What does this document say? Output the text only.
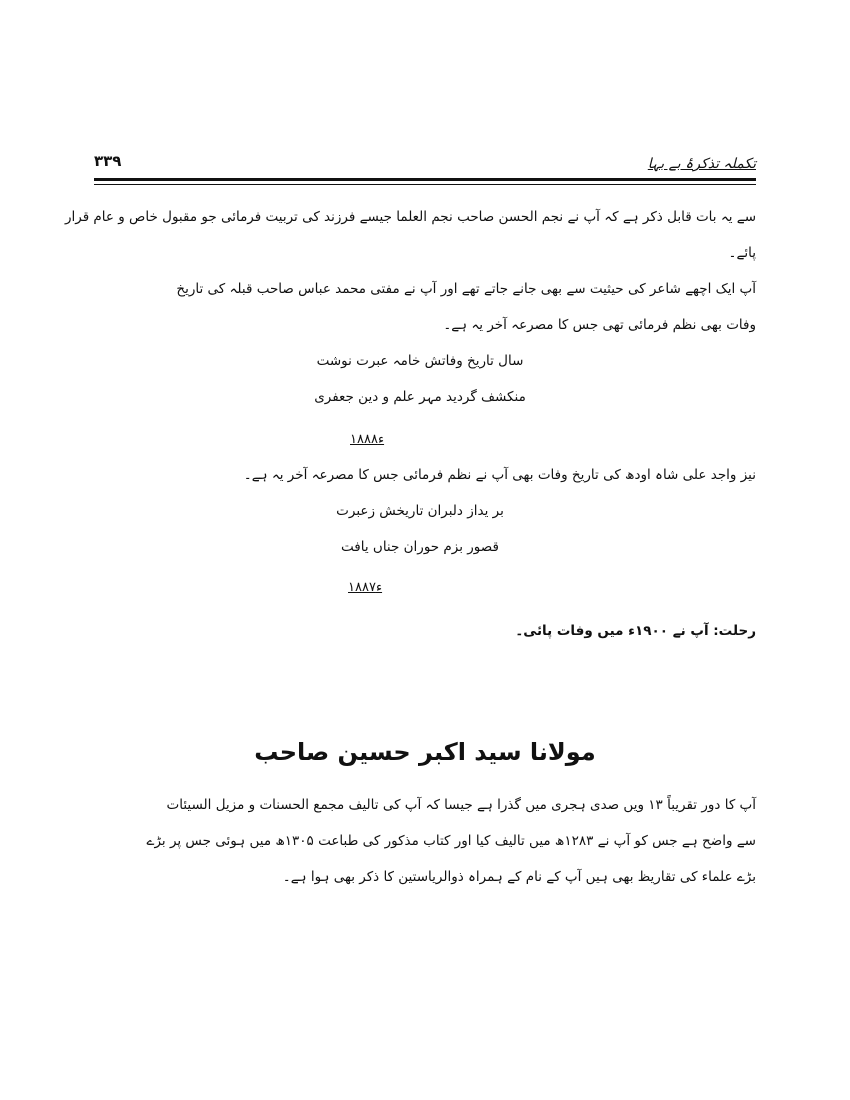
تکملہ تذکرۂ بے بہا
۳۳۹
سے یہ بات قابل ذکر ہے کہ آپ نے نجم الحسن صاحب نجم العلما جیسے فرزند کی تربیت فرمائی جو مقبول خاص و عام قرار
پائے۔
آپ ایک اچھے شاعر کی حیثیت سے بھی جانے جاتے تھے اور آپ نے مفتی محمد عباس صاحب قبلہ کی تاریخ
وفات بھی نظم فرمائی تھی جس کا مصرعہ آخر یہ ہے۔
سال تاریخ وفاتش خامہ عبرت نوشت
منکشف گردید مہر علم و دین جعفری
۱۸۸۸ء
نیز واجد علی شاہ اودھ کی تاریخ وفات بھی آپ نے نظم فرمائی جس کا مصرعہ آخر یہ ہے۔
بر یداز دلبران تاریخش زعبرت
قصور بزم حوران جناں یافت
۱۸۸۷ء
رحلت: آپ نے ۱۹۰۰ء میں وفات پائی۔
مولانا سید اکبر حسین صاحب
آپ کا دور تقریباً ۱۳ ویں صدی ہجری میں گذرا ہے جیسا کہ آپ کی تالیف مجمع الحسنات و مزیل السیئات
سے واضح ہے جس کو آپ نے ۱۲۸۳ھ میں تالیف کیا اور کتاب مذکور کی طباعت ۱۳۰۵ھ میں ہوئی جس پر بڑے
بڑے علماء کی تقاریظ بھی ہیں آپ کے نام کے ہمراہ ذوالریاستین کا ذکر بھی ہوا ہے۔
